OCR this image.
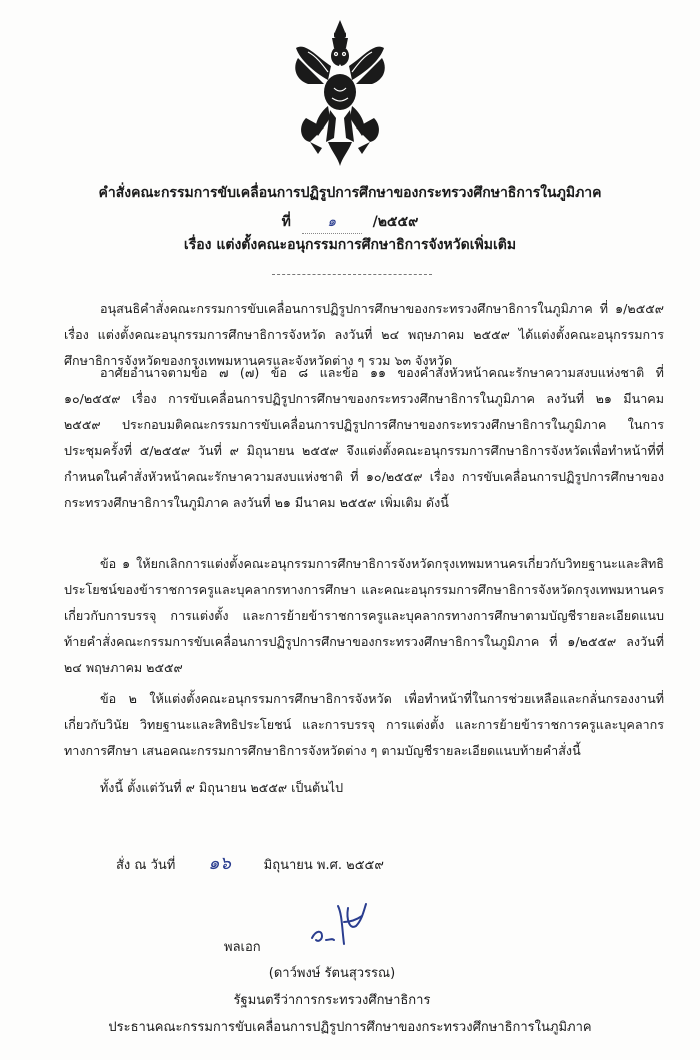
คำสั่งคณะกรรมการขับเคลื่อนการปฏิรูปการศึกษาของกระทรวงศึกษาธิการในภูมิภาค
ที่	๑	/๒๕๕๙
เรื่อง แต่งตั้งคณะอนุกรรมการศึกษาธิการจังหวัดเพิ่มเติม

อนุสนธิคำสั่งคณะกรรมการขับเคลื่อนการปฏิรูปการศึกษาของกระทรวงศึกษาธิการในภูมิภาค ที่ ๑/๒๕๕๙ เรื่อง แต่งตั้งคณะอนุกรรมการศึกษาธิการจังหวัด ลงวันที่ ๒๔ พฤษภาคม ๒๕๕๙ ได้แต่งตั้งคณะอนุกรรมการศึกษาธิการจังหวัดของกรุงเทพมหานครและจังหวัดต่าง ๆ รวม ๖๓ จังหวัด

อาศัยอำนาจตามข้อ ๗ (๗) ข้อ ๘ และข้อ ๑๑ ของคำสั่งหัวหน้าคณะรักษาความสงบแห่งชาติ ที่ ๑๐/๒๕๕๙ เรื่อง การขับเคลื่อนการปฏิรูปการศึกษาของกระทรวงศึกษาธิการในภูมิภาค ลงวันที่ ๒๑ มีนาคม ๒๕๕๙ ประกอบมติคณะกรรมการขับเคลื่อนการปฏิรูปการศึกษาของกระทรวงศึกษาธิการในภูมิภาค ในการประชุมครั้งที่ ๕/๒๕๕๙ วันที่ ๙ มิถุนายน ๒๕๕๙ จึงแต่งตั้งคณะอนุกรรมการศึกษาธิการจังหวัดเพื่อทำหน้าที่ที่กำหนดในคำสั่งหัวหน้าคณะรักษาความสงบแห่งชาติ ที่ ๑๐/๒๕๕๙ เรื่อง การขับเคลื่อนการปฏิรูปการศึกษาของกระทรวงศึกษาธิการในภูมิภาค ลงวันที่ ๒๑ มีนาคม ๒๕๕๙ เพิ่มเติม ดังนี้

ข้อ ๑ ให้ยกเลิกการแต่งตั้งคณะอนุกรรมการศึกษาธิการจังหวัดกรุงเทพมหานครเกี่ยวกับวิทยฐานะและสิทธิประโยชน์ของข้าราชการครูและบุคลากรทางการศึกษา และคณะอนุกรรมการศึกษาธิการจังหวัดกรุงเทพมหานครเกี่ยวกับการบรรจุ การแต่งตั้ง และการย้ายข้าราชการครูและบุคลากรทางการศึกษาตามบัญชีรายละเอียดแนบท้ายคำสั่งคณะกรรมการขับเคลื่อนการปฏิรูปการศึกษาของกระทรวงศึกษาธิการในภูมิภาค ที่ ๑/๒๕๕๙ ลงวันที่ ๒๔ พฤษภาคม ๒๕๕๙

ข้อ ๒ ให้แต่งตั้งคณะอนุกรรมการศึกษาธิการจังหวัด เพื่อทำหน้าที่ในการช่วยเหลือและกลั่นกรองงานที่เกี่ยวกับวินัย วิทยฐานะและสิทธิประโยชน์ และการบรรจุ การแต่งตั้ง และการย้ายข้าราชการครูและบุคลากรทางการศึกษา เสนอคณะกรรมการศึกษาธิการจังหวัดต่าง ๆ ตามบัญชีรายละเอียดแนบท้ายคำสั่งนี้

ทั้งนี้ ตั้งแต่วันที่ ๙ มิถุนายน ๒๕๕๙ เป็นต้นไป

สั่ง ณ วันที่ ๑๖	มิถุนายน พ.ศ. ๒๕๕๙
พลเอก
(ดาว์พงษ์ รัตนสุวรรณ)
รัฐมนตรีว่าการกระทรวงศึกษาธิการ
ประธานคณะกรรมการขับเคลื่อนการปฏิรูปการศึกษาของกระทรวงศึกษาธิการในภูมิภาค
